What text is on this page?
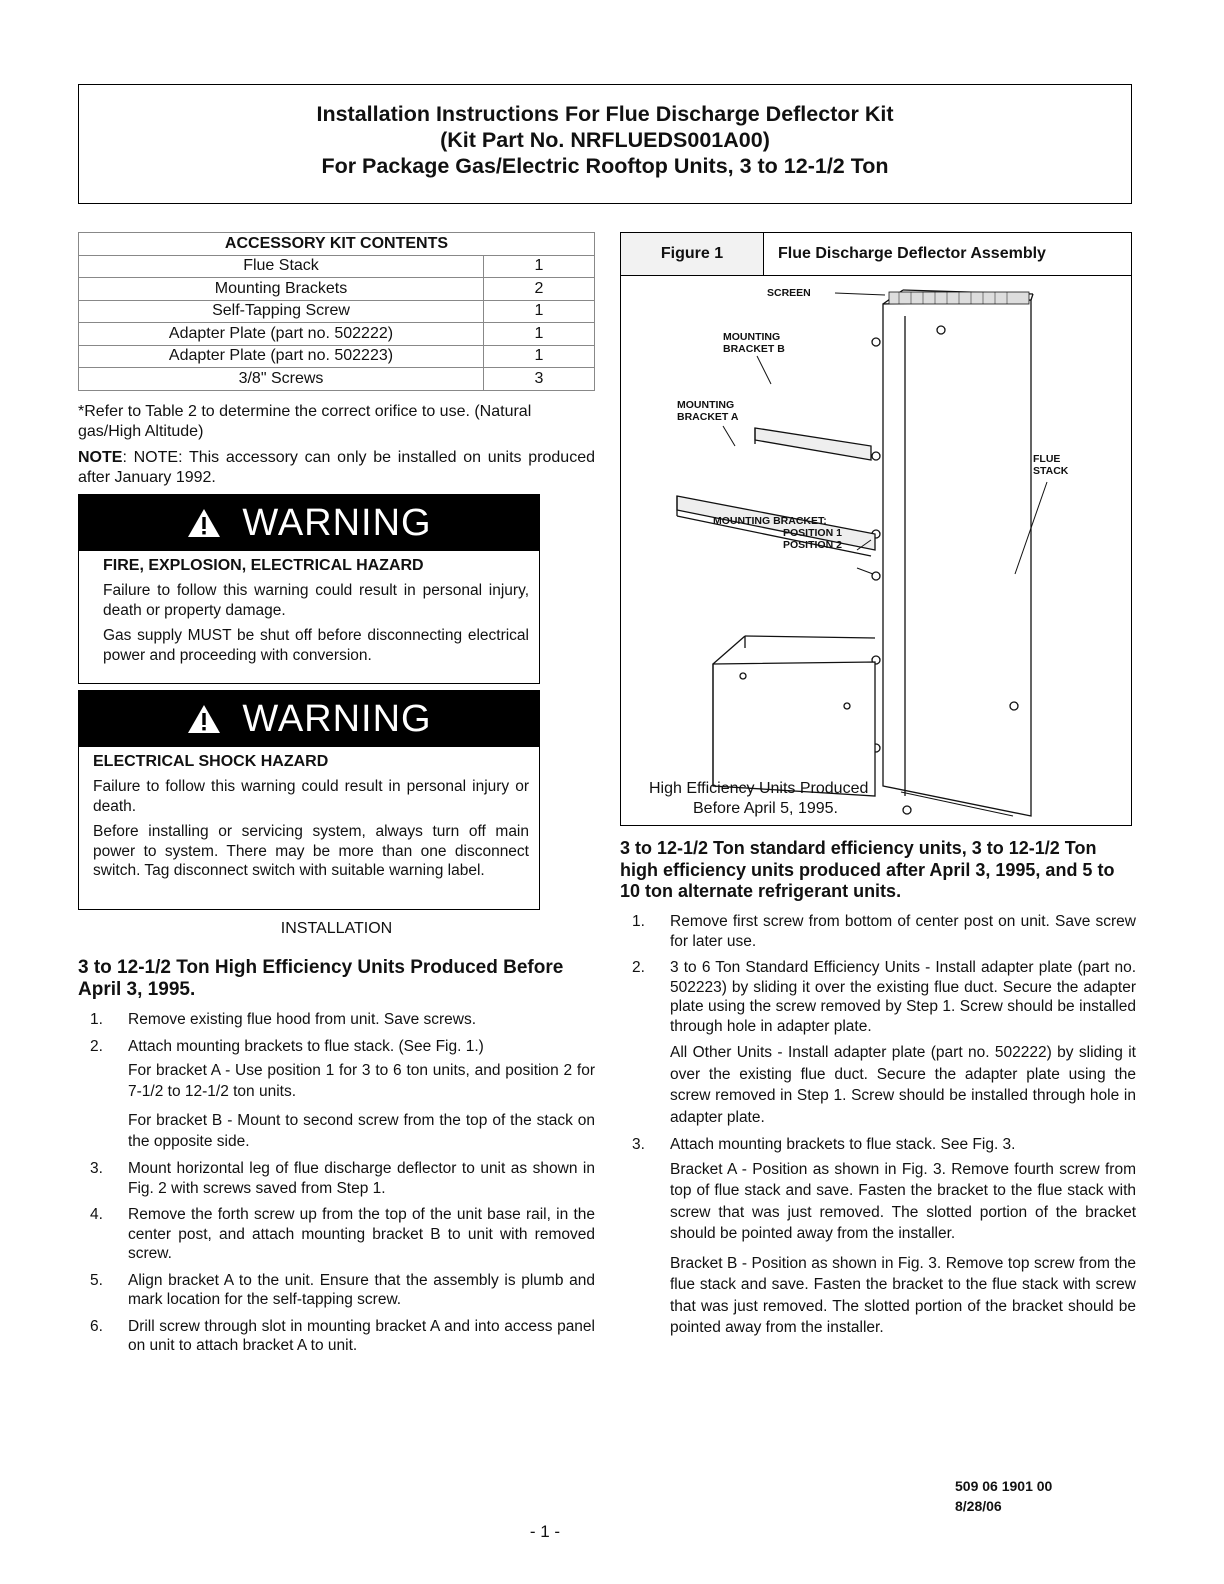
Installation Instructions For Flue Discharge Deflector Kit
(Kit Part No. NRFLUEDS001A00)
For Package Gas/Electric Rooftop Units, 3 to 12-1/2 Ton
ACCESSORY KIT CONTENTS	
Flue Stack	1
Mounting Brackets	2
Self-Tapping Screw	1
Adapter Plate (part no. 502222)	1
Adapter Plate (part no. 502223)	1
3/8" Screws	3
*Refer to Table 2 to determine the correct orifice to use. (Natural gas/High Altitude)
NOTE: NOTE: This accessory can only be installed on units produced after January 1992.
WARNING
FIRE, EXPLOSION, ELECTRICAL HAZARD

Failure to follow this warning could result in personal injury, death or property damage.

Gas supply MUST be shut off before disconnecting electrical power and proceeding with conversion.

WARNING
ELECTRICAL SHOCK HAZARD

Failure to follow this warning could result in personal injury or death.

Before installing or servicing system, always turn off main power to system. There may be more than one disconnect switch. Tag disconnect switch with suitable warning label.

INSTALLATION
3 to 12-1/2 Ton High Efficiency Units Produced Before April 3, 1995.
1. Remove existing flue hood from unit. Save screws.
2. Attach mounting brackets to flue stack. (See Fig. 1.)

For bracket A - Use position 1 for 3 to 6 ton units, and position 2 for 7-1/2 to 12-1/2 ton units.

For bracket B - Mount to second screw from the top of the stack on the opposite side.

3. Mount horizontal leg of flue discharge deflector to unit as shown in Fig. 2 with screws saved from Step 1.
4. Remove the forth screw up from the top of the unit base rail, in the center post, and attach mounting bracket B to unit with removed screw.
5. Align bracket A to the unit. Ensure that the assembly is plumb and mark location for the self-tapping screw.
6. Drill screw through slot in mounting bracket A and into access panel on unit to attach bracket A to unit.
Figure 1	Flue Discharge Deflector Assembly
SCREEN
MOUNTING
BRACKET B
MOUNTING
BRACKET A
FLUE
STACK
MOUNTING BRACKET:
POSITION 1
POSITION 2
High Efficiency Units Produced
Before April 5, 1995.
3 to 12-1/2 Ton standard efficiency units, 3 to 12-1/2 Ton high efficiency units produced after April 3, 1995, and 5 to 10 ton alternate refrigerant units.
1. Remove first screw from bottom of center post on unit. Save screw for later use.
2. 3 to 6 Ton Standard Efficiency Units - Install adapter plate (part no. 502223) by sliding it over the existing flue duct. Secure the adapter plate using the screw removed by Step 1. Screw should be installed through hole in adapter plate.

All Other Units - Install adapter plate (part no. 502222) by sliding it over the existing flue duct. Secure the adapter plate using the screw removed in Step 1. Screw should be installed through hole in adapter plate.

3. Attach mounting brackets to flue stack. See Fig. 3.

Bracket A - Position as shown in Fig. 3. Remove fourth screw from top of flue stack and save. Fasten the bracket to the flue stack with screw that was just removed. The slotted portion of the bracket should be pointed away from the installer.

Bracket B - Position as shown in Fig. 3. Remove top screw from the flue stack and save. Fasten the bracket to the flue stack with screw that was just removed. The slotted portion of the bracket should be pointed away from the installer.

- 1 -
509 06 1901 00
8/28/06
